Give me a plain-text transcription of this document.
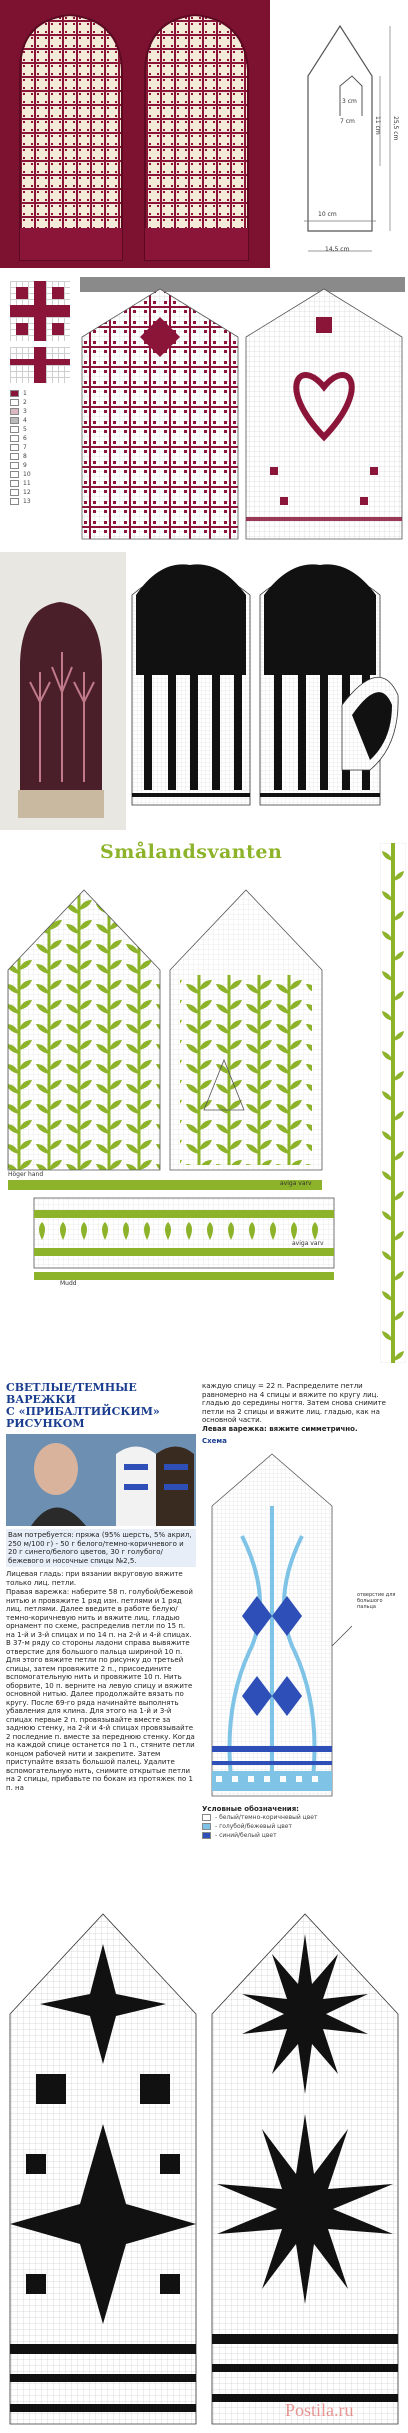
14,5 cm
10 cm
7 cm
3 cm
11 cm 25,5 cm
1
2
3
4
5
6
7
8
9
10
11
12
13
Smålandsvanten
Höger hand
aviga varv
aviga varv
Mudd
СВЕТЛЫЕ/ТЕМНЫЕ
ВАРЕЖКИ
С «ПРИБАЛТИЙСКИМ»
РИСУНКОМ
Вам потребуется: пряжа (95% шерсть, 5% акрил, 250 м/100 г) - 50 г белого/темно-коричневого и 20 г синего/белого цветов, 30 г голубого/бежевого и носочные спицы №2,5.
Лицевая гладь: при вязании вкруговую вяжите только лиц. петли.
Правая варежка: наберите 58 п. голубой/бежевой нитью и провяжите 1 ряд изн. петлями и 1 ряд лиц. петлями. Далее введите в работе белую/темно-коричневую нить и вяжите лиц. гладью орнамент по схеме, распределив петли по 15 п. на 1-й и 3-й спицах и по 14 п. на 2-й и 4-й спицах. В 37-м ряду со стороны ладони справа вывяжите отверстие для большого пальца шириной 10 п. Для этого вяжите петли по рисунку до третьей спицы, затем провяжите 2 п., присоедините вспомогательную нить и провяжите 10 п. Нить оборвите, 10 п. верните на левую спицу и вяжите основной нитью. Далее продолжайте вязать по кругу. После 69-го ряда начинайте выполнять убавления для клина. Для этого на 1-й и 3-й спицах первые 2 п. провязывайте вместе за заднюю стенку, на 2-й и 4-й спицах провязывайте 2 последние п. вместе за переднюю стенку. Когда на каждой спице останется по 1 п., стяните петли концом рабочей нити и закрепите. Затем приступайте вязать большой палец. Удалите вспомогательную нить, снимите открытые петли на 2 спицы, прибавьте по бокам из протяжек по 1 п. на
каждую спицу = 22 п. Распределите петли равномерно на 4 спицы и вяжите по кругу лиц. гладью до середины ногтя. Затем снова снимите петли на 2 спицы и вяжите лиц. гладью, как на основной части.
Левая варежка: вяжите симметрично.
Схема
отверстие для большого пальца
Условные обозначения:
- белый/темно-коричневый цвет
- голубой/бежевый цвет
- синий/белый цвет
Postila.ru
